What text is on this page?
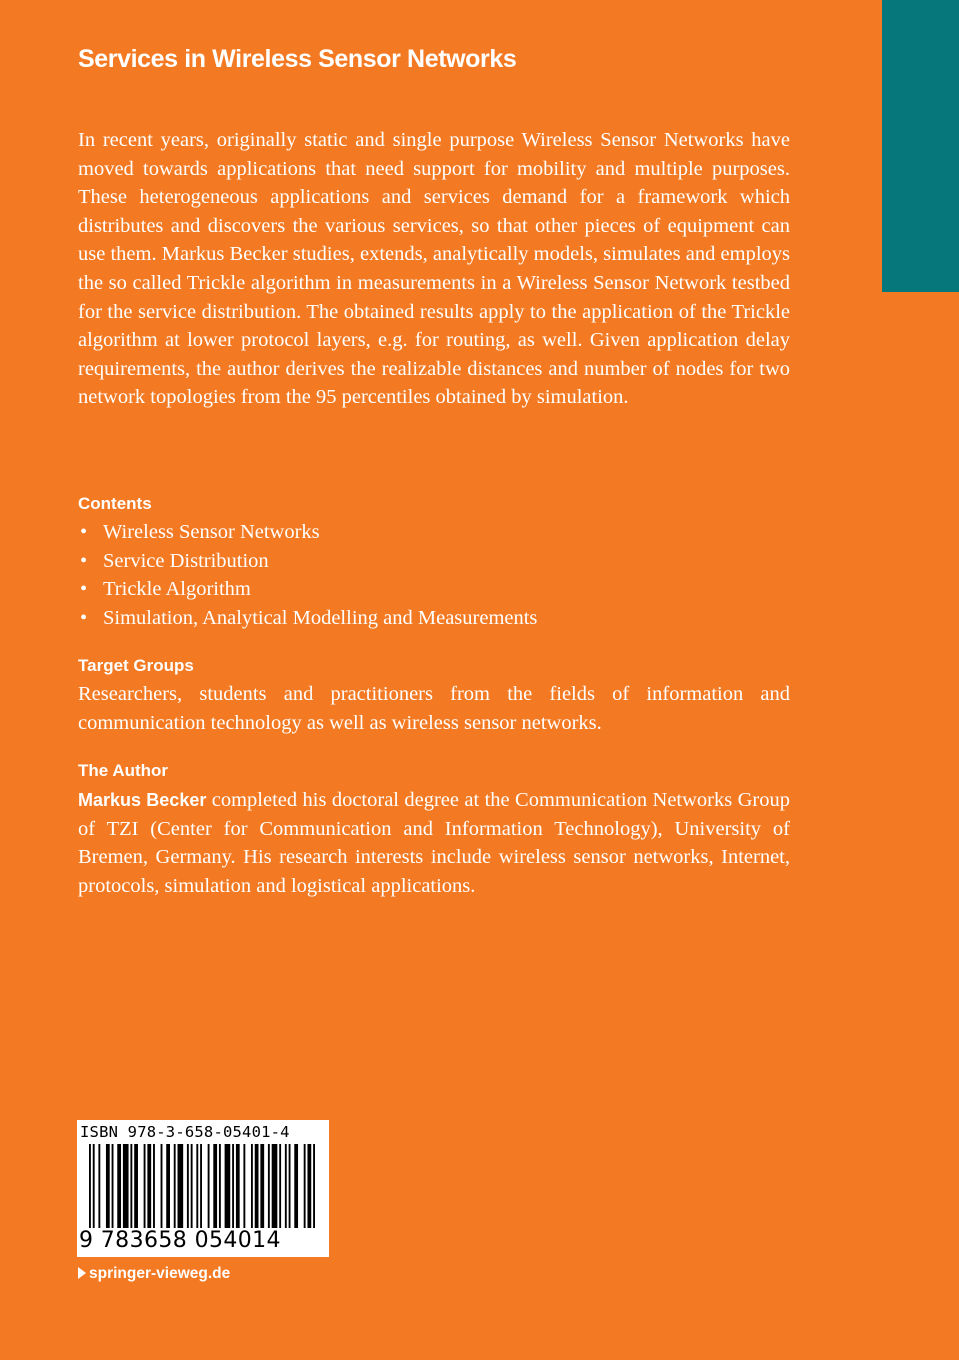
Services in Wireless Sensor Networks
In recent years, originally static and single purpose Wireless Sensor Networks have moved towards applications that need support for mobility and multiple purposes. These heterogeneous applications and services demand for a framework which distributes and discovers the various services, so that other pieces of equipment can use them. Markus Becker studies, extends, analytically models, simulates and employs the so called Trickle algorithm in measurements in a Wireless Sensor Network testbed for the service distribution. The obtained results apply to the application of the Trickle algorithm at lower protocol layers, e.g. for routing, as well. Given application delay requirements, the author derives the realizable distances and number of nodes for two network topologies from the 95 percentiles obtained by simulation.
Contents
• Wireless Sensor Networks
• Service Distribution
• Trickle Algorithm
• Simulation, Analytical Modelling and Measurements
Target Groups
Researchers, students and practitioners from the fields of information and communication technology as well as wireless sensor networks.
The Author
Markus Becker completed his doctoral degree at the Communication Networks Group of TZI (Center for Communication and Information Technology), University of Bremen, Germany. His research interests include wireless sensor networks, Internet, protocols, simulation and logistical applications.
ISBN 978-3-658-05401-4
9 783658 054014
springer-vieweg.de
